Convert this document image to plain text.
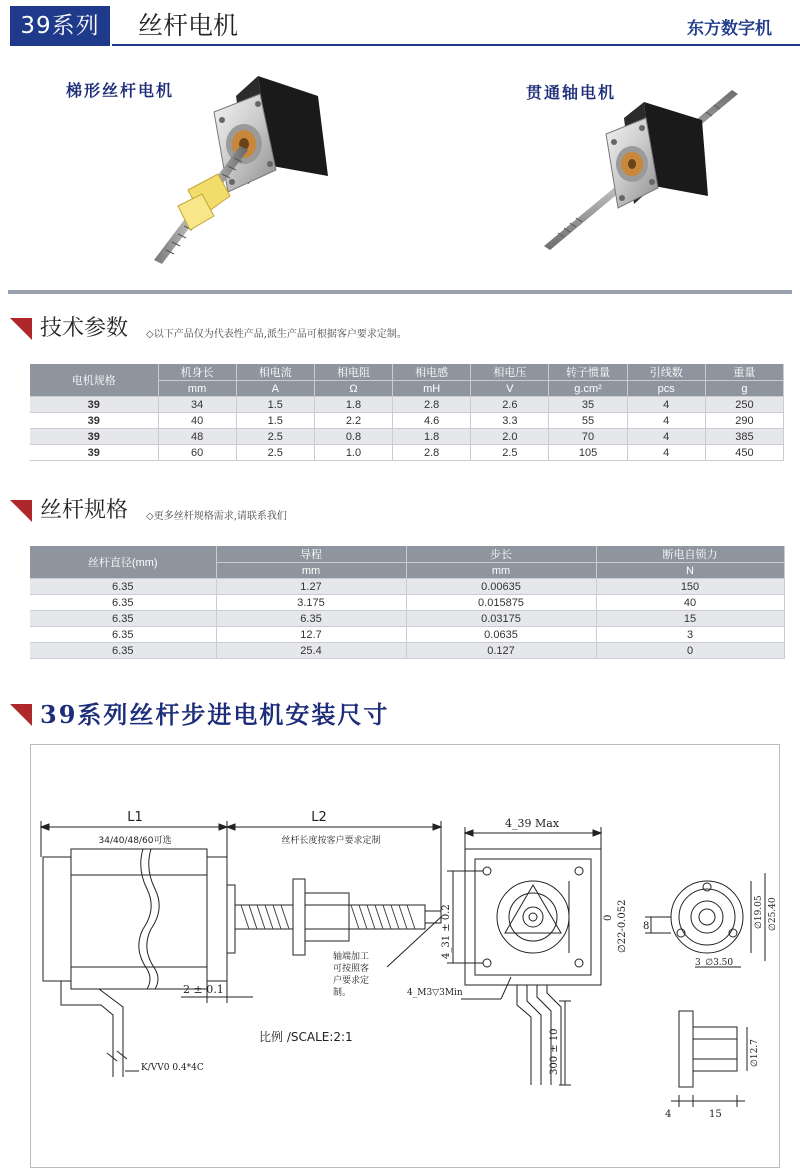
39系列	丝杆电机	东方数字机
梯形丝杆电机	贯通轴电机
技术参数 ◇以下产品仅为代表性产品,派生产品可根据客户要求定制。
电机规格	机身长	相电流	相电阻	相电感	相电压	转子惯量	引线数	重量
	mm	A	Ω	mH	V	g.cm²	pcs	g
39	34	1.5	1.8	2.8	2.6	35	4	250
39	40	1.5	2.2	4.6	3.3	55	4	290
39	48	2.5	0.8	1.8	2.0	70	4	385
39	60	2.5	1.0	2.8	2.5	105	4	450
丝杆规格 ◇更多丝杆规格需求,请联系我们
丝杆直径(mm)	导程	步长	断电自锁力
	mm	mm	N
6.35	1.27	0.00635	150
6.35	3.175	0.015875	40
6.35	6.35	0.03175	15
6.35	12.7	0.0635	3
6.35	25.4	0.127	0
39系列丝杆步进电机安装尺寸
L1
34/40/48/60可选
L2
丝杆长度按客户要求定制
轴端加工
可按照客
户要求定
制。
2 ± 0.1
K/VV0 0.4*4C
比例 /SCALE:2:1
4_39 Max
4_31 ± 0.2	0 ∅22-0.052
4_M3▽3Min
300 ± 10
8
3_∅3.50
∅19.05 ∅25.40
∅12.7
4	15
